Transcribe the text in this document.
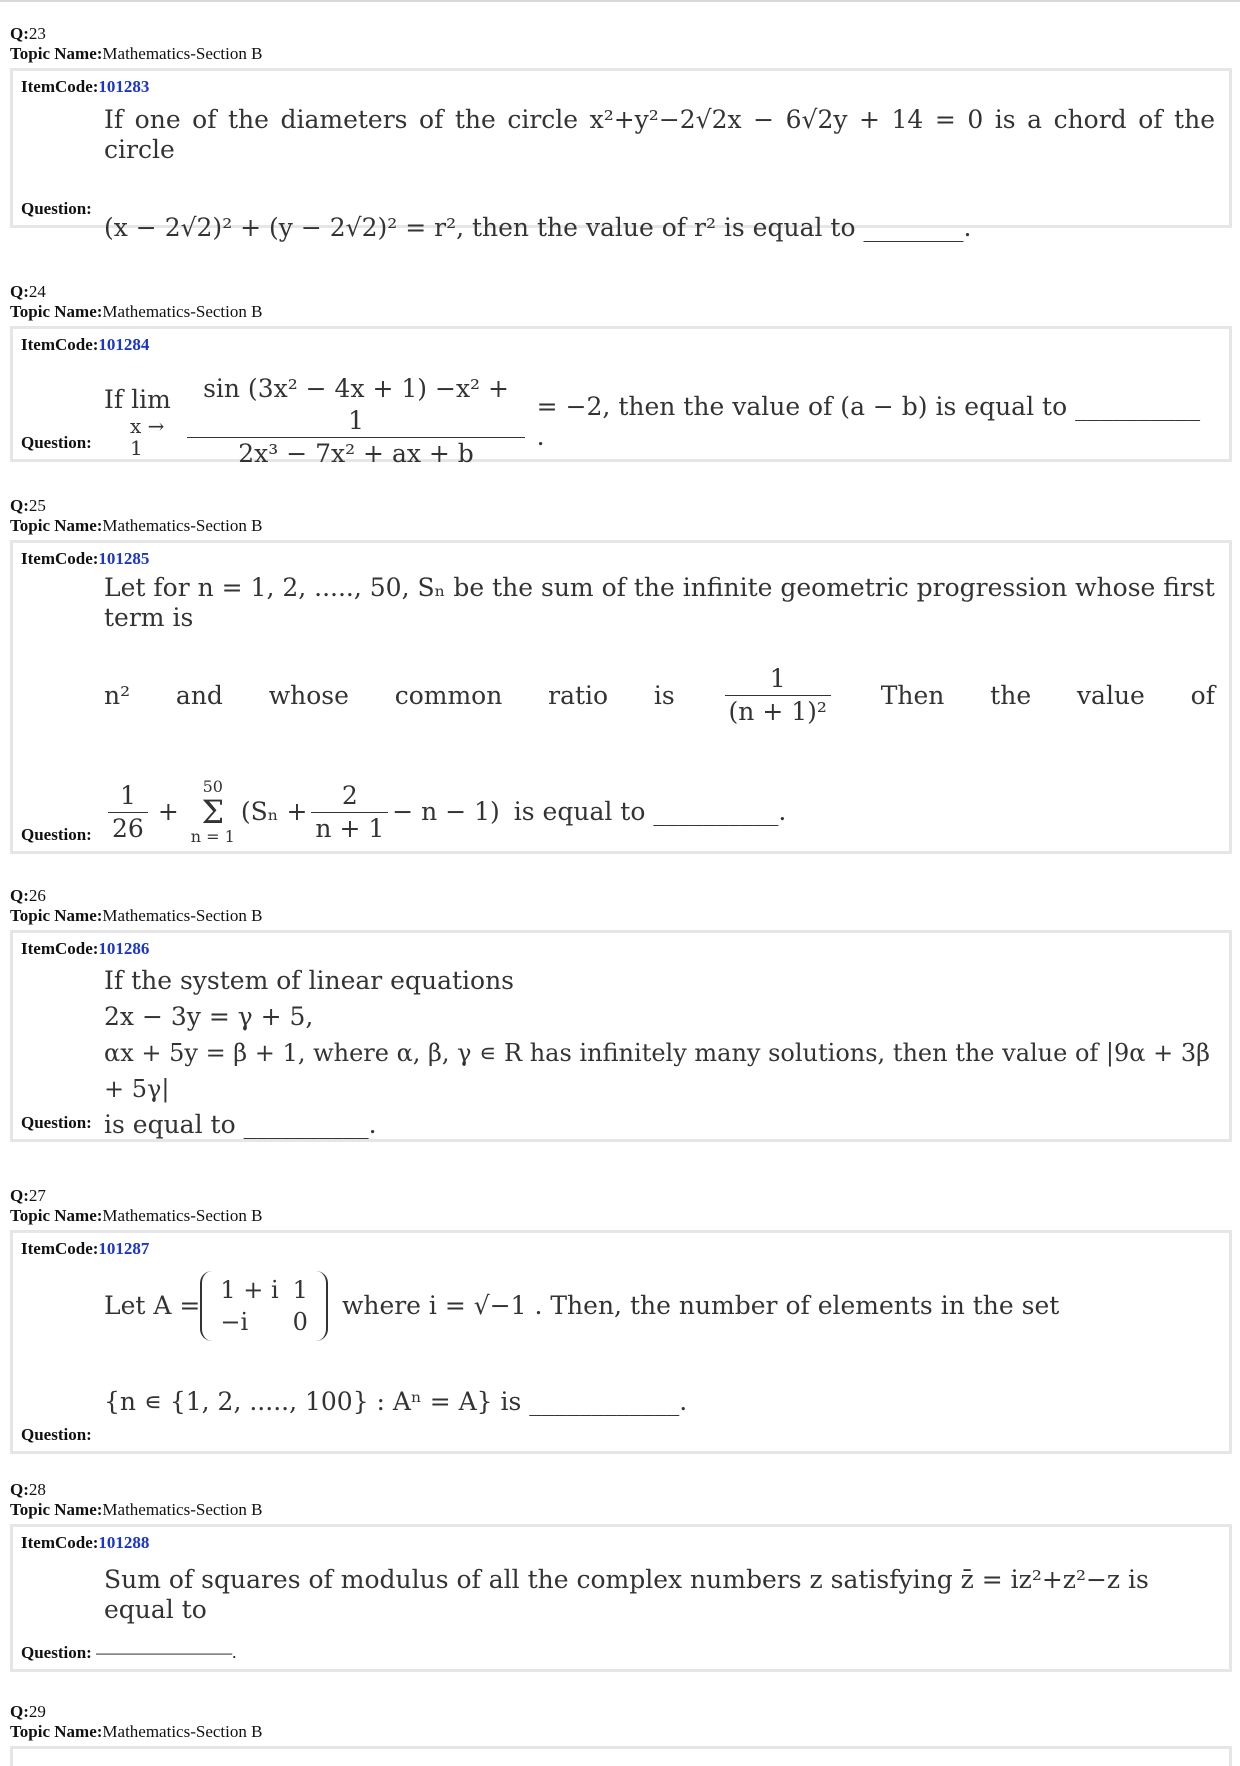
Q:23
Topic Name:Mathematics-Section B
ItemCode:101283
If one of the diameters of the circle x²+y²−2√2x − 6√2y + 14 = 0 is a chord of the circle
(x − 2√2)² + (y − 2√2)² = r², then the value of r² is equal to ________.
Question:
Q:24
Topic Name:Mathematics-Section B
ItemCode:101284
If lim
x → 1	$\frac{\text{sin (3x² − 4x + 1) −x² + 1}}{\text{2x³ − 7x² + ax + b}} = -2$, then the value of (a − b) is equal to __________ .
Question:
Q:25
Topic Name:Mathematics-Section B
ItemCode:101285
Let for n = 1, 2, ....., 50, Sₙ be the sum of the infinite geometric progression whose first term is
n² and whose common ratio is $\frac{1}{\text{(n + 1)²}}$ Then the value of
$\frac{1}{26}$ +
50
Σ
n = 1
$(S_n + \frac{2}{n + 1} - n - 1)$ is equal to __________.
Question:
Q:26
Topic Name:Mathematics-Section B
ItemCode:101286
If the system of linear equations
2x − 3y = γ + 5,
αx + 5y = β + 1, where α, β, γ ∊ R has infinitely many solutions, then the value of |9α + 3β + 5γ|
is equal to __________.
Question:
Q:27
Topic Name:Mathematics-Section B
ItemCode:101287
Let A =
1 + i	1
−i	0
where i = √−1 . Then, the number of elements in the set
{n ∊ {1, 2, ....., 100} : Aⁿ = A} is ____________.
Question:
Q:28
Topic Name:Mathematics-Section B
ItemCode:101288
Sum of squares of modulus of all the complex numbers z satisfying z̄ = iz²+z²−z is equal to
Question: ————————.
Q:29
Topic Name:Mathematics-Section B
